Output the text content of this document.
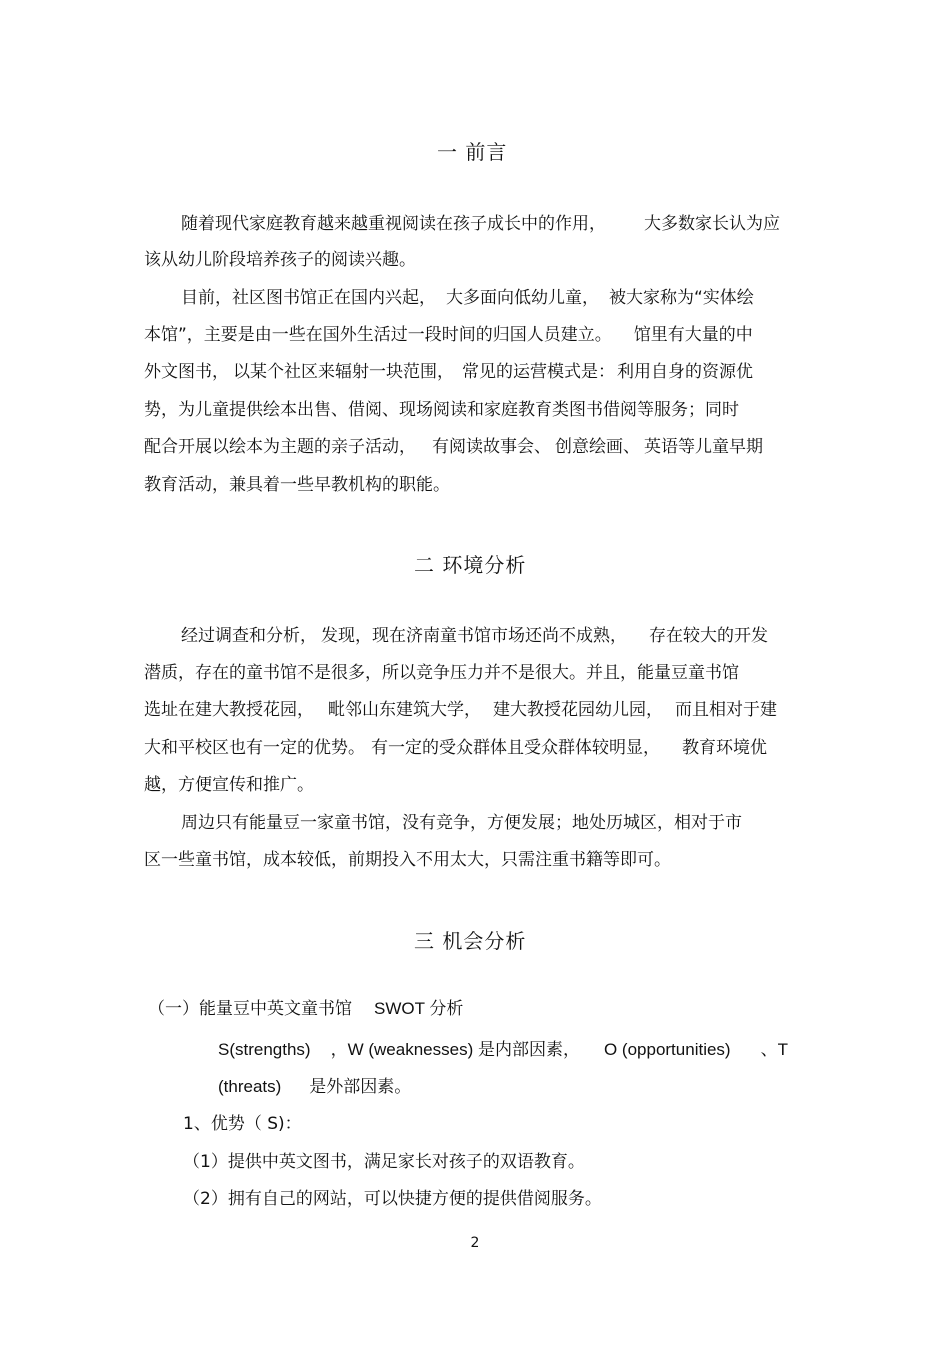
一 前言
随着现代家庭教育越来越重视阅读在孩子成长中的作用， 大多数家长认为应
该从幼儿阶段培养孩子的阅读兴趣。
目前，社区图书馆正在国内兴起， 大多面向低幼儿童， 被大家称为“实体绘
本馆”，主要是由一些在国外生活过一段时间的归国人员建立。 馆里有大量的中
外文图书， 以某个社区来辐射一块范围， 常见的运营模式是： 利用自身的资源优
势，为儿童提供绘本出售、借阅、现场阅读和家庭教育类图书借阅等服务；同时
配合开展以绘本为主题的亲子活动， 有阅读故事会、 创意绘画、 英语等儿童早期
教育活动，兼具着一些早教机构的职能。
二 环境分析
经过调查和分析， 发现，现在济南童书馆市场还尚不成熟， 存在较大的开发
潜质，存在的童书馆不是很多，所以竞争压力并不是很大。并且，能量豆童书馆
选址在建大教授花园， 毗邻山东建筑大学， 建大教授花园幼儿园， 而且相对于建
大和平校区也有一定的优势。 有一定的受众群体且受众群体较明显， 教育环境优
越，方便宣传和推广。
周边只有能量豆一家童书馆，没有竞争，方便发展；地处历城区，相对于市
区一些童书馆，成本较低，前期投入不用太大，只需注重书籍等即可。
三 机会分析
（一）能量豆中英文童书馆 SWOT 分析
S(strengths) ，W (weaknesses) 是内部因素， O (opportunities) 、T
(threats) 是外部因素。
1、优势（ S)：
（1）提供中英文图书，满足家长对孩子的双语教育。
（2）拥有自己的网站，可以快捷方便的提供借阅服务。
2
